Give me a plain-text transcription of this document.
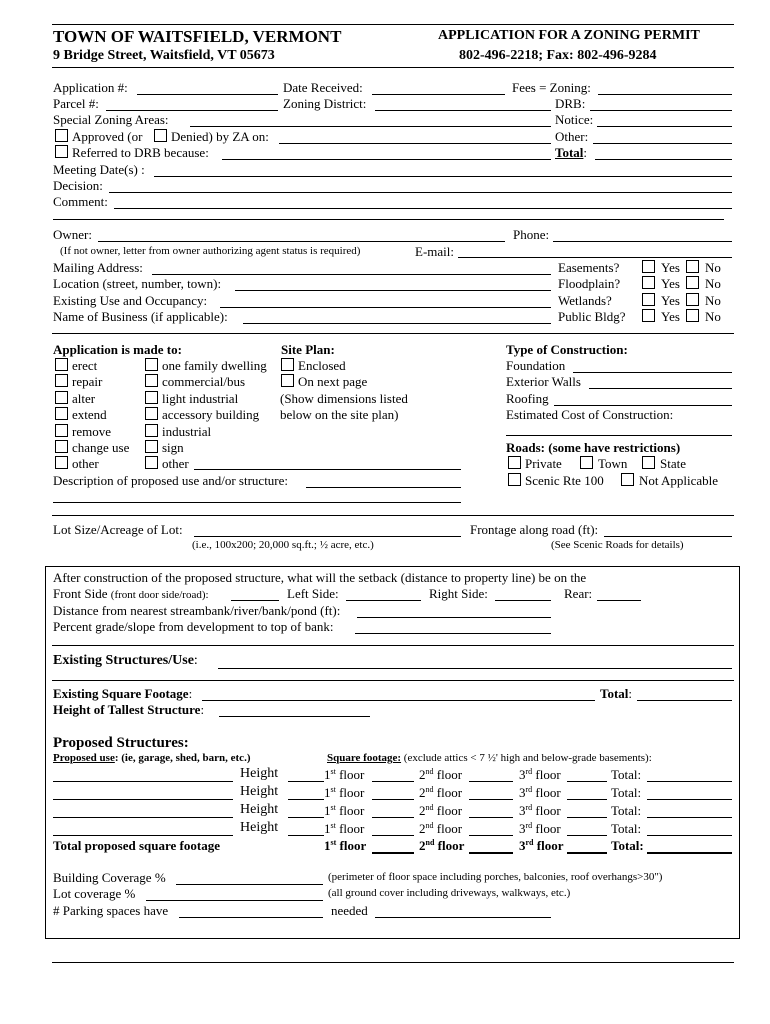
TOWN OF WAITSFIELD, VERMONT
9 Bridge Street, Waitsfield, VT 05673
APPLICATION FOR A ZONING PERMIT
802-496-2218; Fax: 802-496-9284
Application #:	Date Received:	Fees = Zoning:
Parcel #:	Zoning District:	DRB:
Special Zoning Areas:	Notice:
Approved (or Denied) by ZA on:	Other:
Referred to DRB because:	Total:
Meeting Date(s) :
Decision:
Comment:
Owner:	Phone:
(If not owner, letter from owner authorizing agent status is required)	E-mail:
Mailing Address:
Location (street, number, town):
Existing Use and Occupancy:
Name of Business (if applicable):
Easements?	Yes No
Floodplain?	Yes No
Wetlands?	Yes No
Public Bldg?	Yes No
Application is made to:
erect
repair
alter
extend
remove
change use
other
one family dwelling
commercial/bus
light industrial
accessory building
industrial
sign
other
Site Plan:
Enclosed
On next page
(Show dimensions listed
below on the site plan)
Description of proposed use and/or structure:
Type of Construction:
Foundation
Exterior Walls
Roofing
Estimated Cost of Construction:
Roads: (some have restrictions)
Private	Town	State
Scenic Rte 100	Not Applicable
Lot Size/Acreage of Lot:
(i.e., 100x200; 20,000 sq.ft.; ½ acre, etc.)
Frontage along road (ft):
(See Scenic Roads for details)
After construction of the proposed structure, what will the setback (distance to property line) be on the
Front Side (front door side/road):	Left Side:	Right Side:	Rear:
Distance from nearest streambank/river/bank/pond (ft):
Percent grade/slope from development to top of bank:
Existing Structures/Use:
Existing Square Footage:	Total:
Height of Tallest Structure:
Proposed Structures:
Proposed use: (ie, garage, shed, barn, etc.)	Square footage: (exclude attics < 7 ½' high and below-grade basements):
Height	1st floor	2nd floor	3rd floor	Total:
Height	1st floor	2nd floor	3rd floor	Total:
Height	1st floor	2nd floor	3rd floor	Total:
Height	1st floor	2nd floor	3rd floor	Total:
Total proposed square footage	1st floor	2nd floor	3rd floor	Total:
Building Coverage %	(perimeter of floor space including porches, balconies, roof overhangs>30")
Lot coverage %	(all ground cover including driveways, walkways, etc.)
# Parking spaces have	needed
